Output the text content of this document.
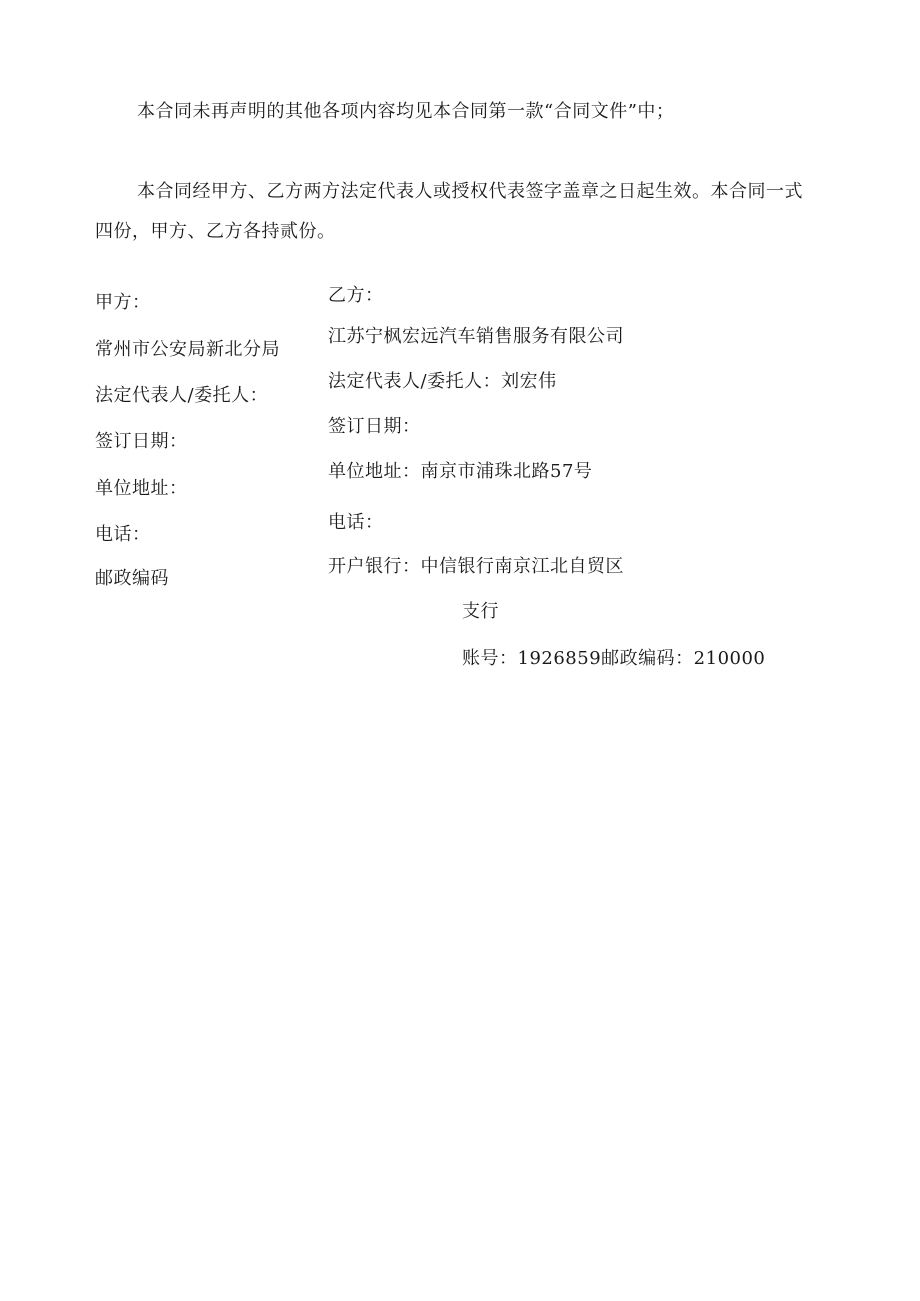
本合同未再声明的其他各项内容均见本合同第一款“合同文件”中；

本合同经甲方、乙方两方法定代表人或授权代表签字盖章之日起生效。本合同一式四份，甲方、乙方各持贰份。

甲方：
常州市公安局新北分局
法定代表人/委托人：
签订日期：
单位地址：
电话：
邮政编码
乙方：
江苏宁枫宏远汽车销售服务有限公司
法定代表人/委托人：刘宏伟
签订日期：
单位地址：南京市浦珠北路57号
电话：
开户银行：中信银行南京江北自贸区
支行
账号：1926859邮政编码：210000
